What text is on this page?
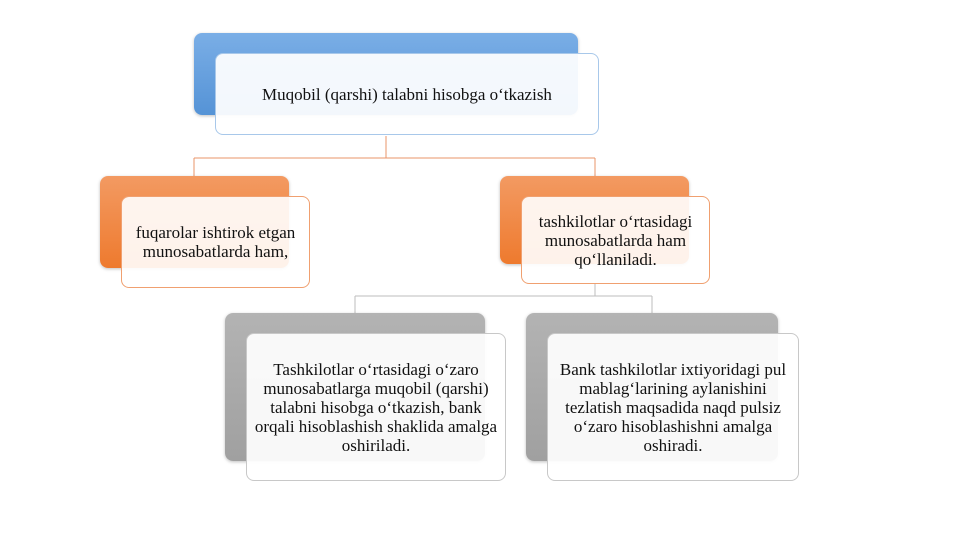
Muqobil (qarshi) talabni hisobga o‘tkazish
fuqarolar ishtirok etgan munosabatlarda ham,
tashkilotlar o‘rtasidagi munosabatlarda ham qo‘llaniladi.
Tashkilotlar o‘rtasidagi o‘zaro munosabatlarga muqobil (qarshi) talabni hisobga o‘tkazish, bank orqali hisoblashish shaklida amalga oshiriladi.
Bank tashkilotlar ixtiyoridagi pul mablag‘larining aylanishini tezlatish maqsadida naqd pulsiz o‘zaro hisoblashishni amalga oshiradi.
